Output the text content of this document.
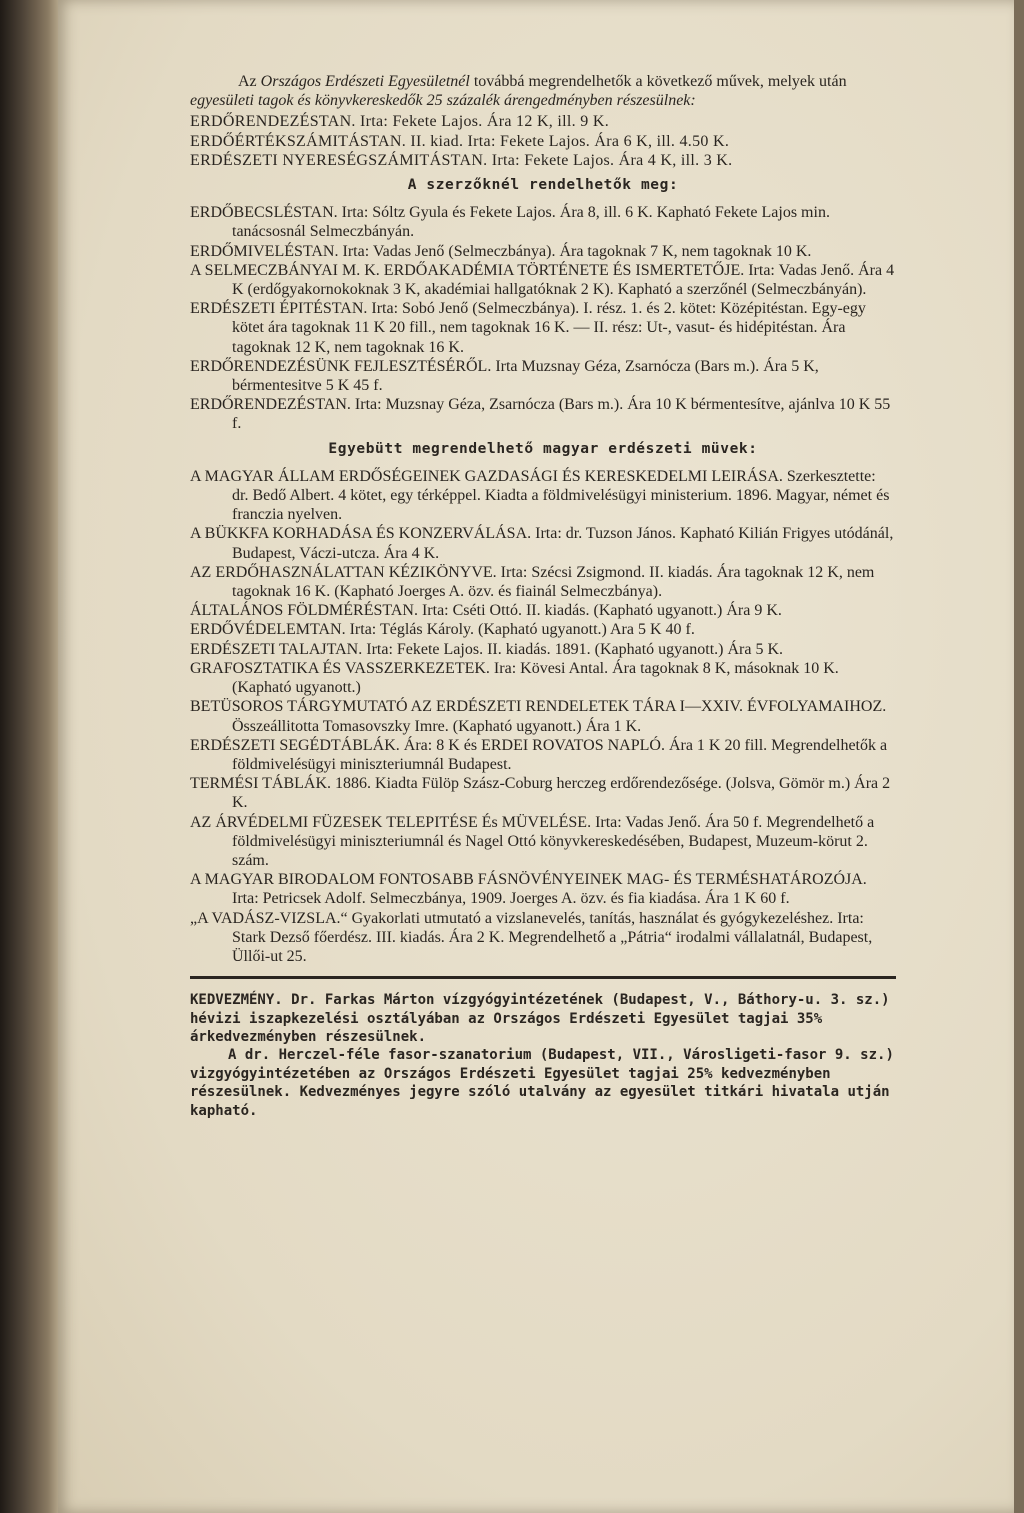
Az Országos Erdészeti Egyesületnél továbbá megrendelhetők a következő művek, melyek után egyesületi tagok és könyvkereskedők 25 százalék árengedményben részesülnek:

ERDŐRENDEZÉSTAN. Irta: Fekete Lajos. Ára 12 K, ill. 9 K.

ERDŐÉRTÉKSZÁMITÁSTAN. II. kiad. Irta: Fekete Lajos. Ára 6 K, ill. 4.50 K.

ERDÉSZETI NYERESÉGSZÁMITÁSTAN. Irta: Fekete Lajos. Ára 4 K, ill. 3 K.

A szerzőknél rendelhetők meg:

ERDŐBECSLÉSTAN. Irta: Sóltz Gyula és Fekete Lajos. Ára 8, ill. 6 K. Kapható Fekete Lajos min. tanácsosnál Selmeczbányán.

ERDŐMIVELÉSTAN. Irta: Vadas Jenő (Selmeczbánya). Ára tagoknak 7 K, nem tagoknak 10 K.

A SELMECZBÁNYAI M. K. ERDŐAKADÉMIA TÖRTÉNETE ÉS ISMERTETŐJE. Irta: Vadas Jenő. Ára 4 K (erdőgyakornokoknak 3 K, akadémiai hallgatóknak 2 K). Kapható a szerzőnél (Selmeczbányán).

ERDÉSZETI ÉPITÉSTAN. Irta: Sobó Jenő (Selmeczbánya). I. rész. 1. és 2. kötet: Középitéstan. Egy-egy kötet ára tagoknak 11 K 20 fill., nem tagoknak 16 K. — II. rész: Ut-, vasut- és hidépitéstan. Ára tagoknak 12 K, nem tagoknak 16 K.

ERDŐRENDEZÉSÜNK FEJLESZTÉSÉRŐL. Irta Muzsnay Géza, Zsarnócza (Bars m.). Ára 5 K, bérmentesitve 5 K 45 f.

ERDŐRENDEZÉSTAN. Irta: Muzsnay Géza, Zsarnócza (Bars m.). Ára 10 K bérmentesítve, ajánlva 10 K 55 f.

Egyebütt megrendelhető magyar erdészeti müvek:

A MAGYAR ÁLLAM ERDŐSÉGEINEK GAZDASÁGI ÉS KERESKEDELMI LEIRÁSA. Szerkesztette: dr. Bedő Albert. 4 kötet, egy térképpel. Kiadta a földmivelésügyi ministerium. 1896. Magyar, német és franczia nyelven.

A BÜKKFA KORHADÁSA ÉS KONZERVÁLÁSA. Irta: dr. Tuzson János. Kapható Kilián Frigyes utódánál, Budapest, Váczi-utcza. Ára 4 K.

AZ ERDŐHASZNÁLATTAN KÉZIKÖNYVE. Irta: Szécsi Zsigmond. II. kiadás. Ára tagoknak 12 K, nem tagoknak 16 K. (Kapható Joerges A. özv. és fiainál Selmeczbánya).

ÁLTALÁNOS FÖLDMÉRÉSTAN. Irta: Cséti Ottó. II. kiadás. (Kapható ugyanott.) Ára 9 K.

ERDŐVÉDELEMTAN. Irta: Téglás Károly. (Kapható ugyanott.) Ara 5 K 40 f.

ERDÉSZETI TALAJTAN. Irta: Fekete Lajos. II. kiadás. 1891. (Kapható ugyanott.) Ára 5 K.

GRAFOSZTATIKA ÉS VASSZERKEZETEK. Ira: Kövesi Antal. Ára tagoknak 8 K, másoknak 10 K. (Kapható ugyanott.)

BETÜSOROS TÁRGYMUTATÓ AZ ERDÉSZETI RENDELETEK TÁRA I—XXIV. ÉVFOLYAMAIHOZ. Összeállitotta Tomasovszky Imre. (Kapható ugyanott.) Ára 1 K.

ERDÉSZETI SEGÉDTÁBLÁK. Ára: 8 K és ERDEI ROVATOS NAPLÓ. Ára 1 K 20 fill. Megrendelhetők a földmivelésügyi miniszteriumnál Budapest.

TERMÉSI TÁBLÁK. 1886. Kiadta Fülöp Szász-Coburg herczeg erdőrendezősége. (Jolsva, Gömör m.) Ára 2 K.

AZ ÁRVÉDELMI FÜZESEK TELEPITÉSE És MÜVELÉSE. Irta: Vadas Jenő. Ára 50 f. Megrendelhető a földmivelésügyi miniszteriumnál és Nagel Ottó könyvkereskedésében, Budapest, Muzeum-körut 2. szám.

A MAGYAR BIRODALOM FONTOSABB FÁSNÖVÉNYEINEK MAG- ÉS TERMÉSHATÁROZÓJA. Irta: Petricsek Adolf. Selmeczbánya, 1909. Joerges A. özv. és fia kiadása. Ára 1 K 60 f.

„A VADÁSZ-VIZSLA.“ Gyakorlati utmutató a vizslanevelés, tanítás, használat és gyógykezeléshez. Irta: Stark Dezső főerdész. III. kiadás. Ára 2 K. Megrendelhető a „Pátria“ irodalmi vállalatnál, Budapest, Üllői-ut 25.

KEDVEZMÉNY. Dr. Farkas Márton vízgyógyintézetének (Budapest, V., Báthory-u. 3. sz.) hévizi iszapkezelési osztályában az Országos Erdészeti Egyesület tagjai 35% árkedvezményben részesülnek.

A dr. Herczel-féle fasor-szanatorium (Budapest, VII., Városligeti-fasor 9. sz.) vizgyógyintézetében az Országos Erdészeti Egyesület tagjai 25% kedvezményben részesülnek. Kedvezményes jegyre szóló utalvány az egyesület titkári hivatala utján kapható.
